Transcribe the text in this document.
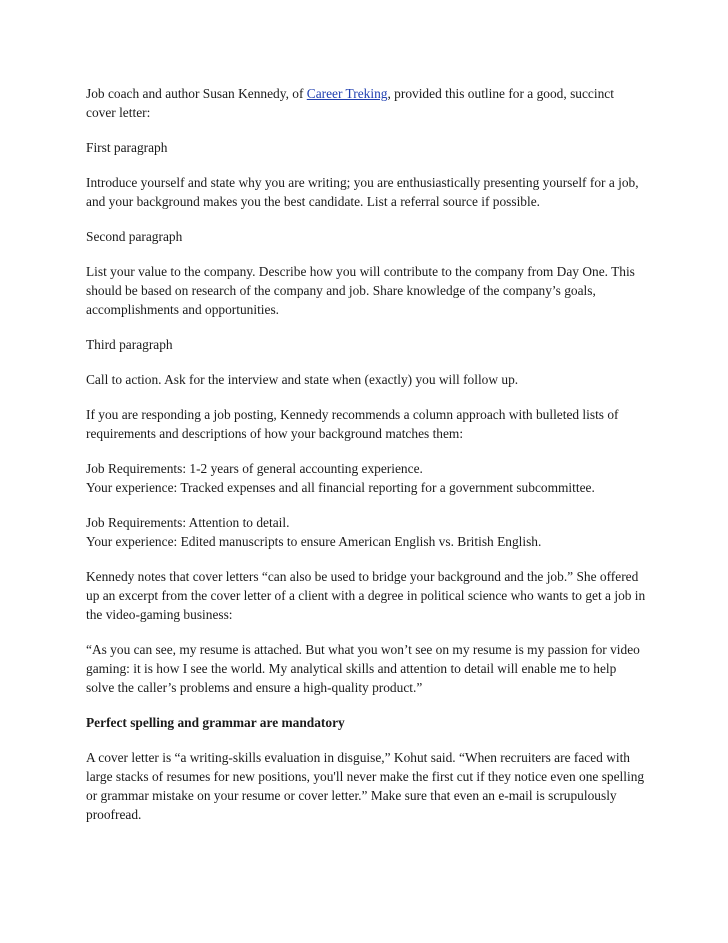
Job coach and author Susan Kennedy, of Career Treking, provided this outline for a good, succinct cover letter:

First paragraph

Introduce yourself and state why you are writing; you are enthusiastically presenting yourself for a job, and your background makes you the best candidate. List a referral source if possible.

Second paragraph

List your value to the company. Describe how you will contribute to the company from Day One. This should be based on research of the company and job. Share knowledge of the company’s goals, accomplishments and opportunities.

Third paragraph

Call to action. Ask for the interview and state when (exactly) you will follow up.

If you are responding a job posting, Kennedy recommends a column approach with bulleted lists of requirements and descriptions of how your background matches them:

Job Requirements: 1-2 years of general accounting experience.
Your experience: Tracked expenses and all financial reporting for a government subcommittee.

Job Requirements: Attention to detail.
Your experience: Edited manuscripts to ensure American English vs. British English.

Kennedy notes that cover letters “can also be used to bridge your background and the job.” She offered up an excerpt from the cover letter of a client with a degree in political science who wants to get a job in the video-gaming business:

“As you can see, my resume is attached. But what you won’t see on my resume is my passion for video gaming: it is how I see the world. My analytical skills and attention to detail will enable me to help solve the caller’s problems and ensure a high-quality product.”

Perfect spelling and grammar are mandatory

A cover letter is “a writing-skills evaluation in disguise,” Kohut said. “When recruiters are faced with large stacks of resumes for new positions, you'll never make the first cut if they notice even one spelling or grammar mistake on your resume or cover letter.” Make sure that even an e-mail is scrupulously proofread.
